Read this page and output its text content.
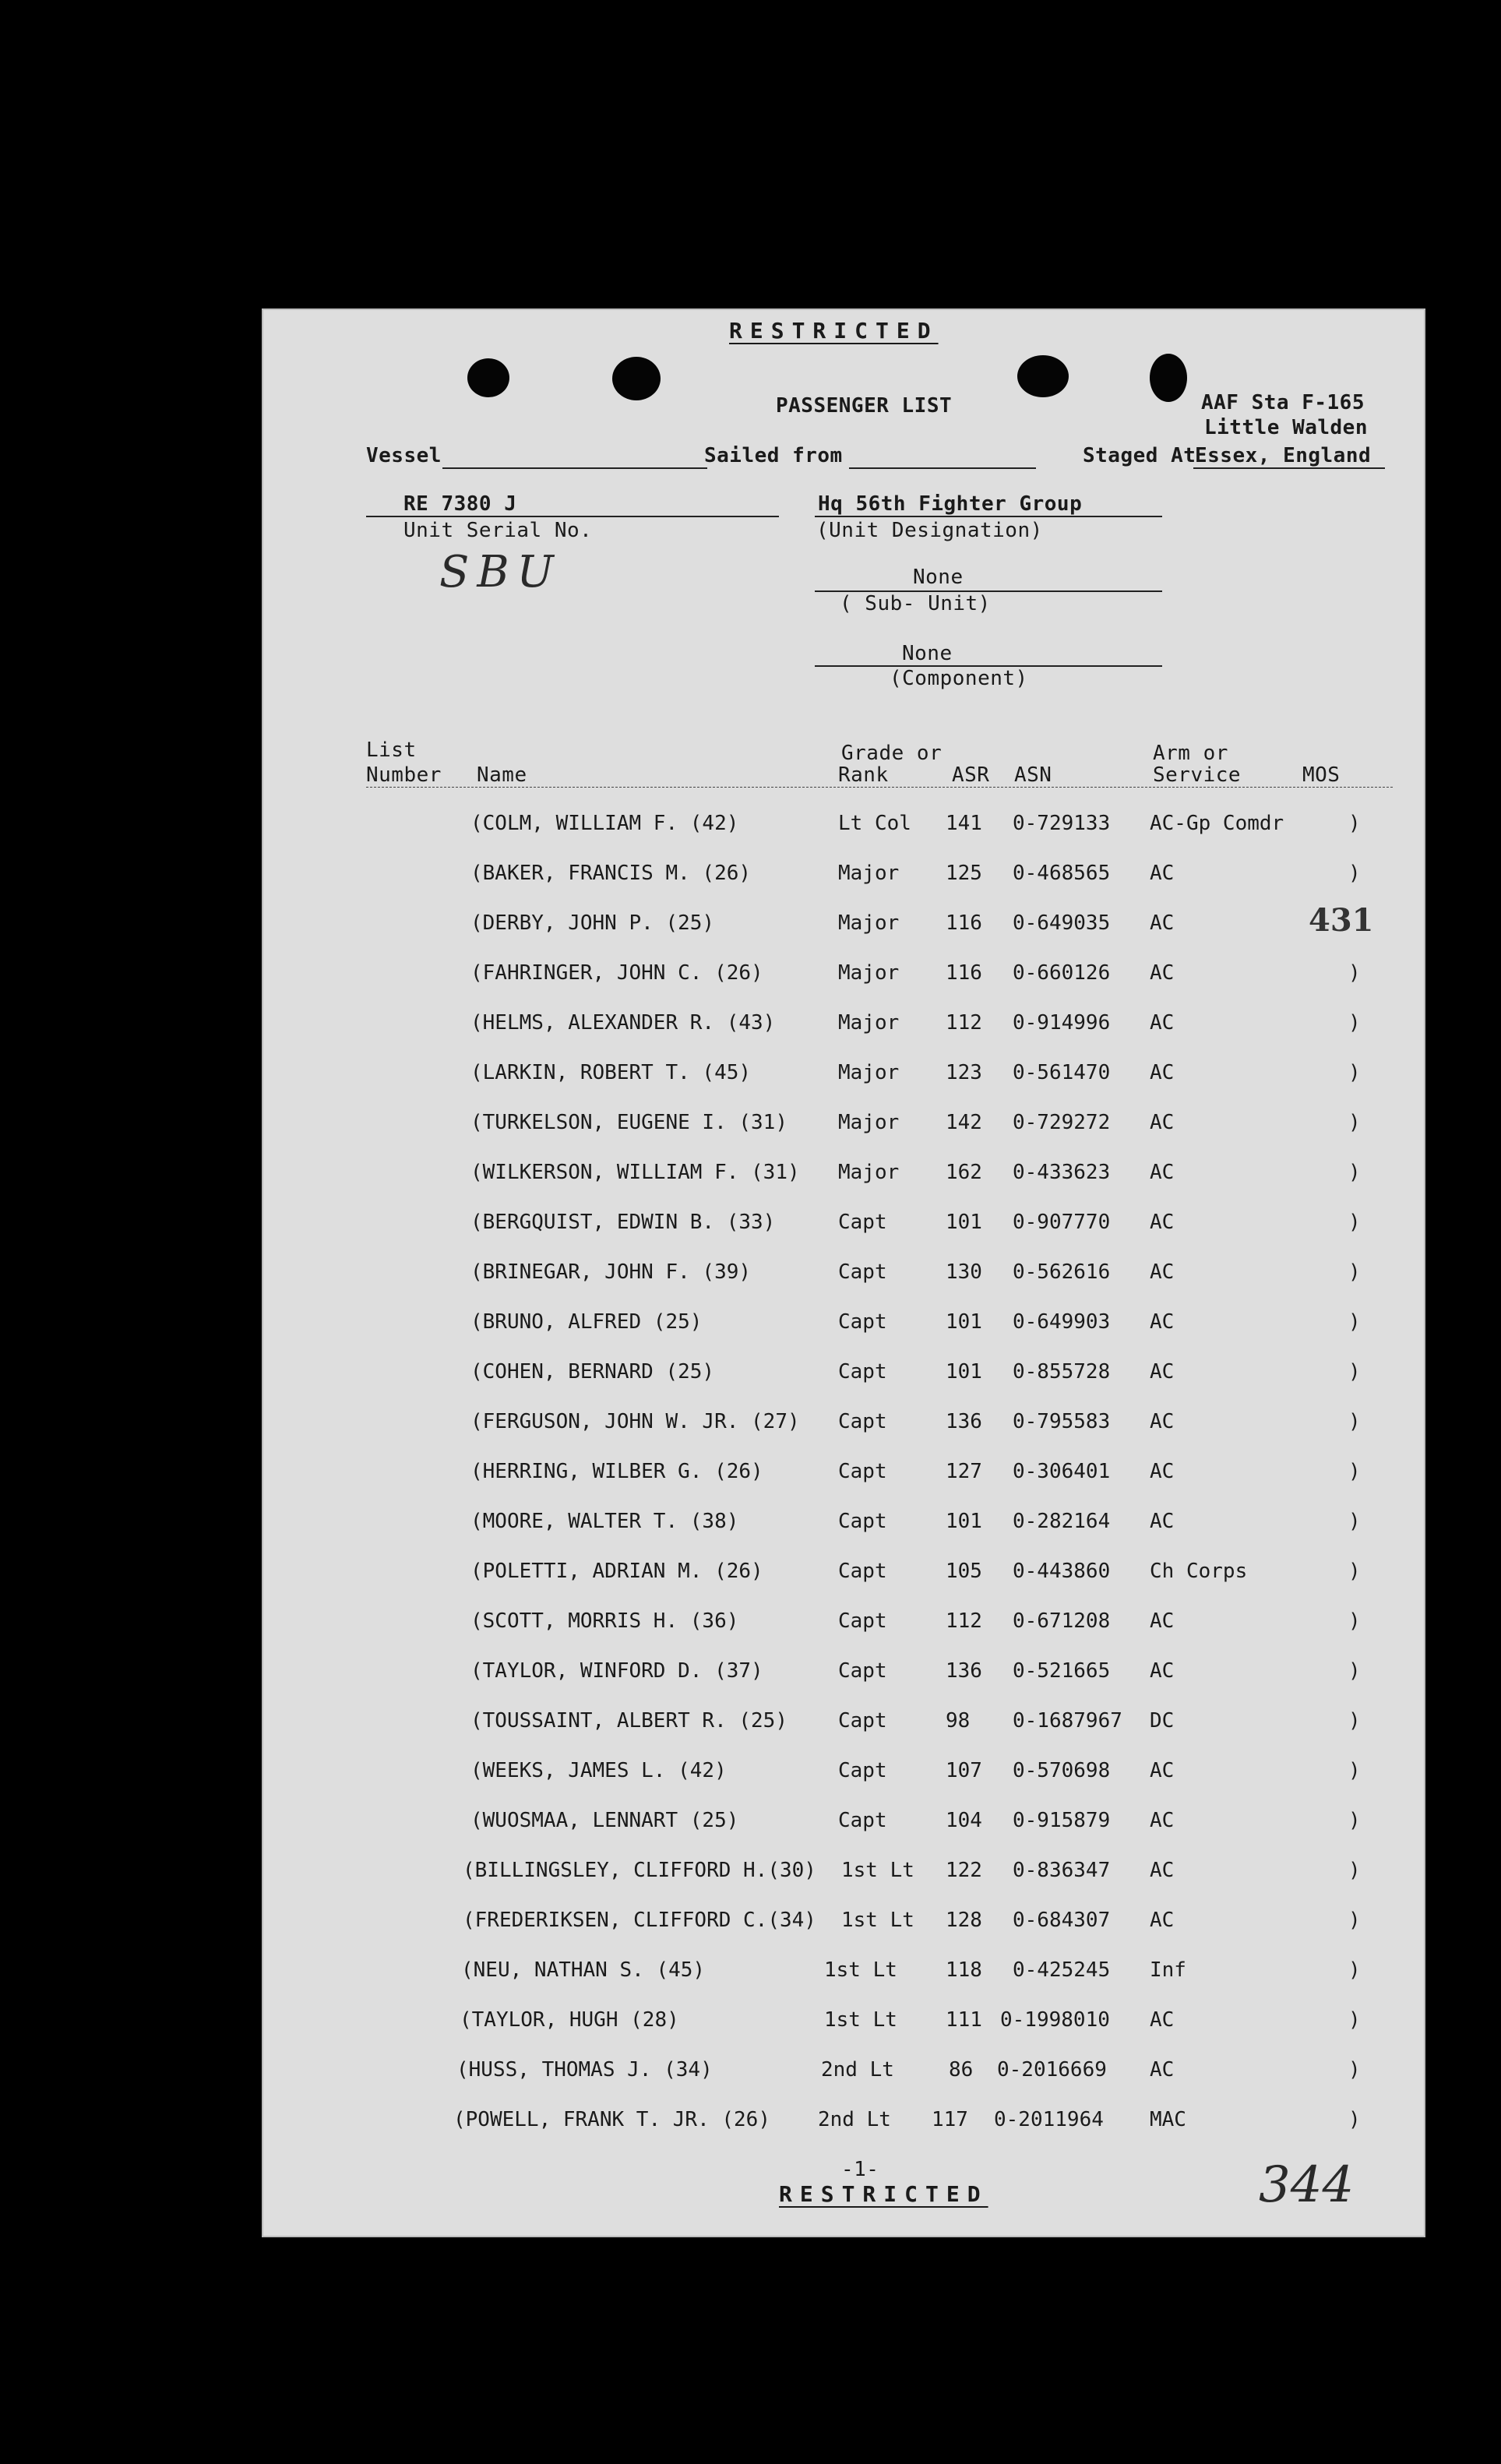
RESTRICTED
PASSENGER LIST	AAF Sta F-165
Little Walden
Vessel	Sailed from	Staged At
Essex, England
RE 7380 J
Unit Serial No.
SBU
Hq 56th Fighter Group
(Unit Designation)
None
( Sub- Unit)
None
(Component)
List
Number Name
Grade or
Rank	ASR ASN
Arm or
Service	MOS
(COLM, WILLIAM F. (42)	Lt Col 141 0-729133 AC-Gp Comdr	)
(BAKER, FRANCIS M. (26)	Major 125 0-468565 AC	)
(DERBY, JOHN P. (25)	Major 116 0-649035 AC	431
(FAHRINGER, JOHN C. (26)	Major 116 0-660126 AC	)
(HELMS, ALEXANDER R. (43)	Major 112 0-914996 AC	)
(LARKIN, ROBERT T. (45)	Major 123 0-561470 AC	)
(TURKELSON, EUGENE I. (31)	Major 142 0-729272 AC	)
(WILKERSON, WILLIAM F. (31) Major 162 0-433623 AC	)
(BERGQUIST, EDWIN B. (33)	Capt	101 0-907770 AC	)
(BRINEGAR, JOHN F. (39)	Capt	130 0-562616 AC	)
(BRUNO, ALFRED (25)	Capt	101 0-649903 AC	)
(COHEN, BERNARD (25)	Capt	101 0-855728 AC	)
(FERGUSON, JOHN W. JR. (27) Capt	136 0-795583 AC	)
(HERRING, WILBER G. (26)	Capt	127 0-306401 AC	)
(MOORE, WALTER T. (38)	Capt	101 0-282164 AC	)
(POLETTI, ADRIAN M. (26)	Capt	105 0-443860 Ch Corps	)
(SCOTT, MORRIS H. (36)	Capt	112 0-671208 AC	)
(TAYLOR, WINFORD D. (37)	Capt	136 0-521665 AC	)
(TOUSSAINT, ALBERT R. (25)	Capt	98 0-1687967 DC	)
(WEEKS, JAMES L. (42)	Capt	107 0-570698 AC	)
(WUOSMAA, LENNART (25)	Capt	104 0-915879 AC	)
(BILLINGSLEY, CLIFFORD H.(30) 1st Lt 122 0-836347 AC	)
(FREDERIKSEN, CLIFFORD C.(34) 1st Lt 128 0-684307 AC	)
(NEU, NATHAN S. (45)	1st Lt 118 0-425245 Inf	)
(TAYLOR, HUGH (28)	1st Lt 111 0-1998010 AC	)
(HUSS, THOMAS J. (34)	2nd Lt	86 0-2016669 AC	)
(POWELL, FRANK T. JR. (26) 2nd Lt 117 0-2011964 MAC	)
-1-
RESTRICTED	344
